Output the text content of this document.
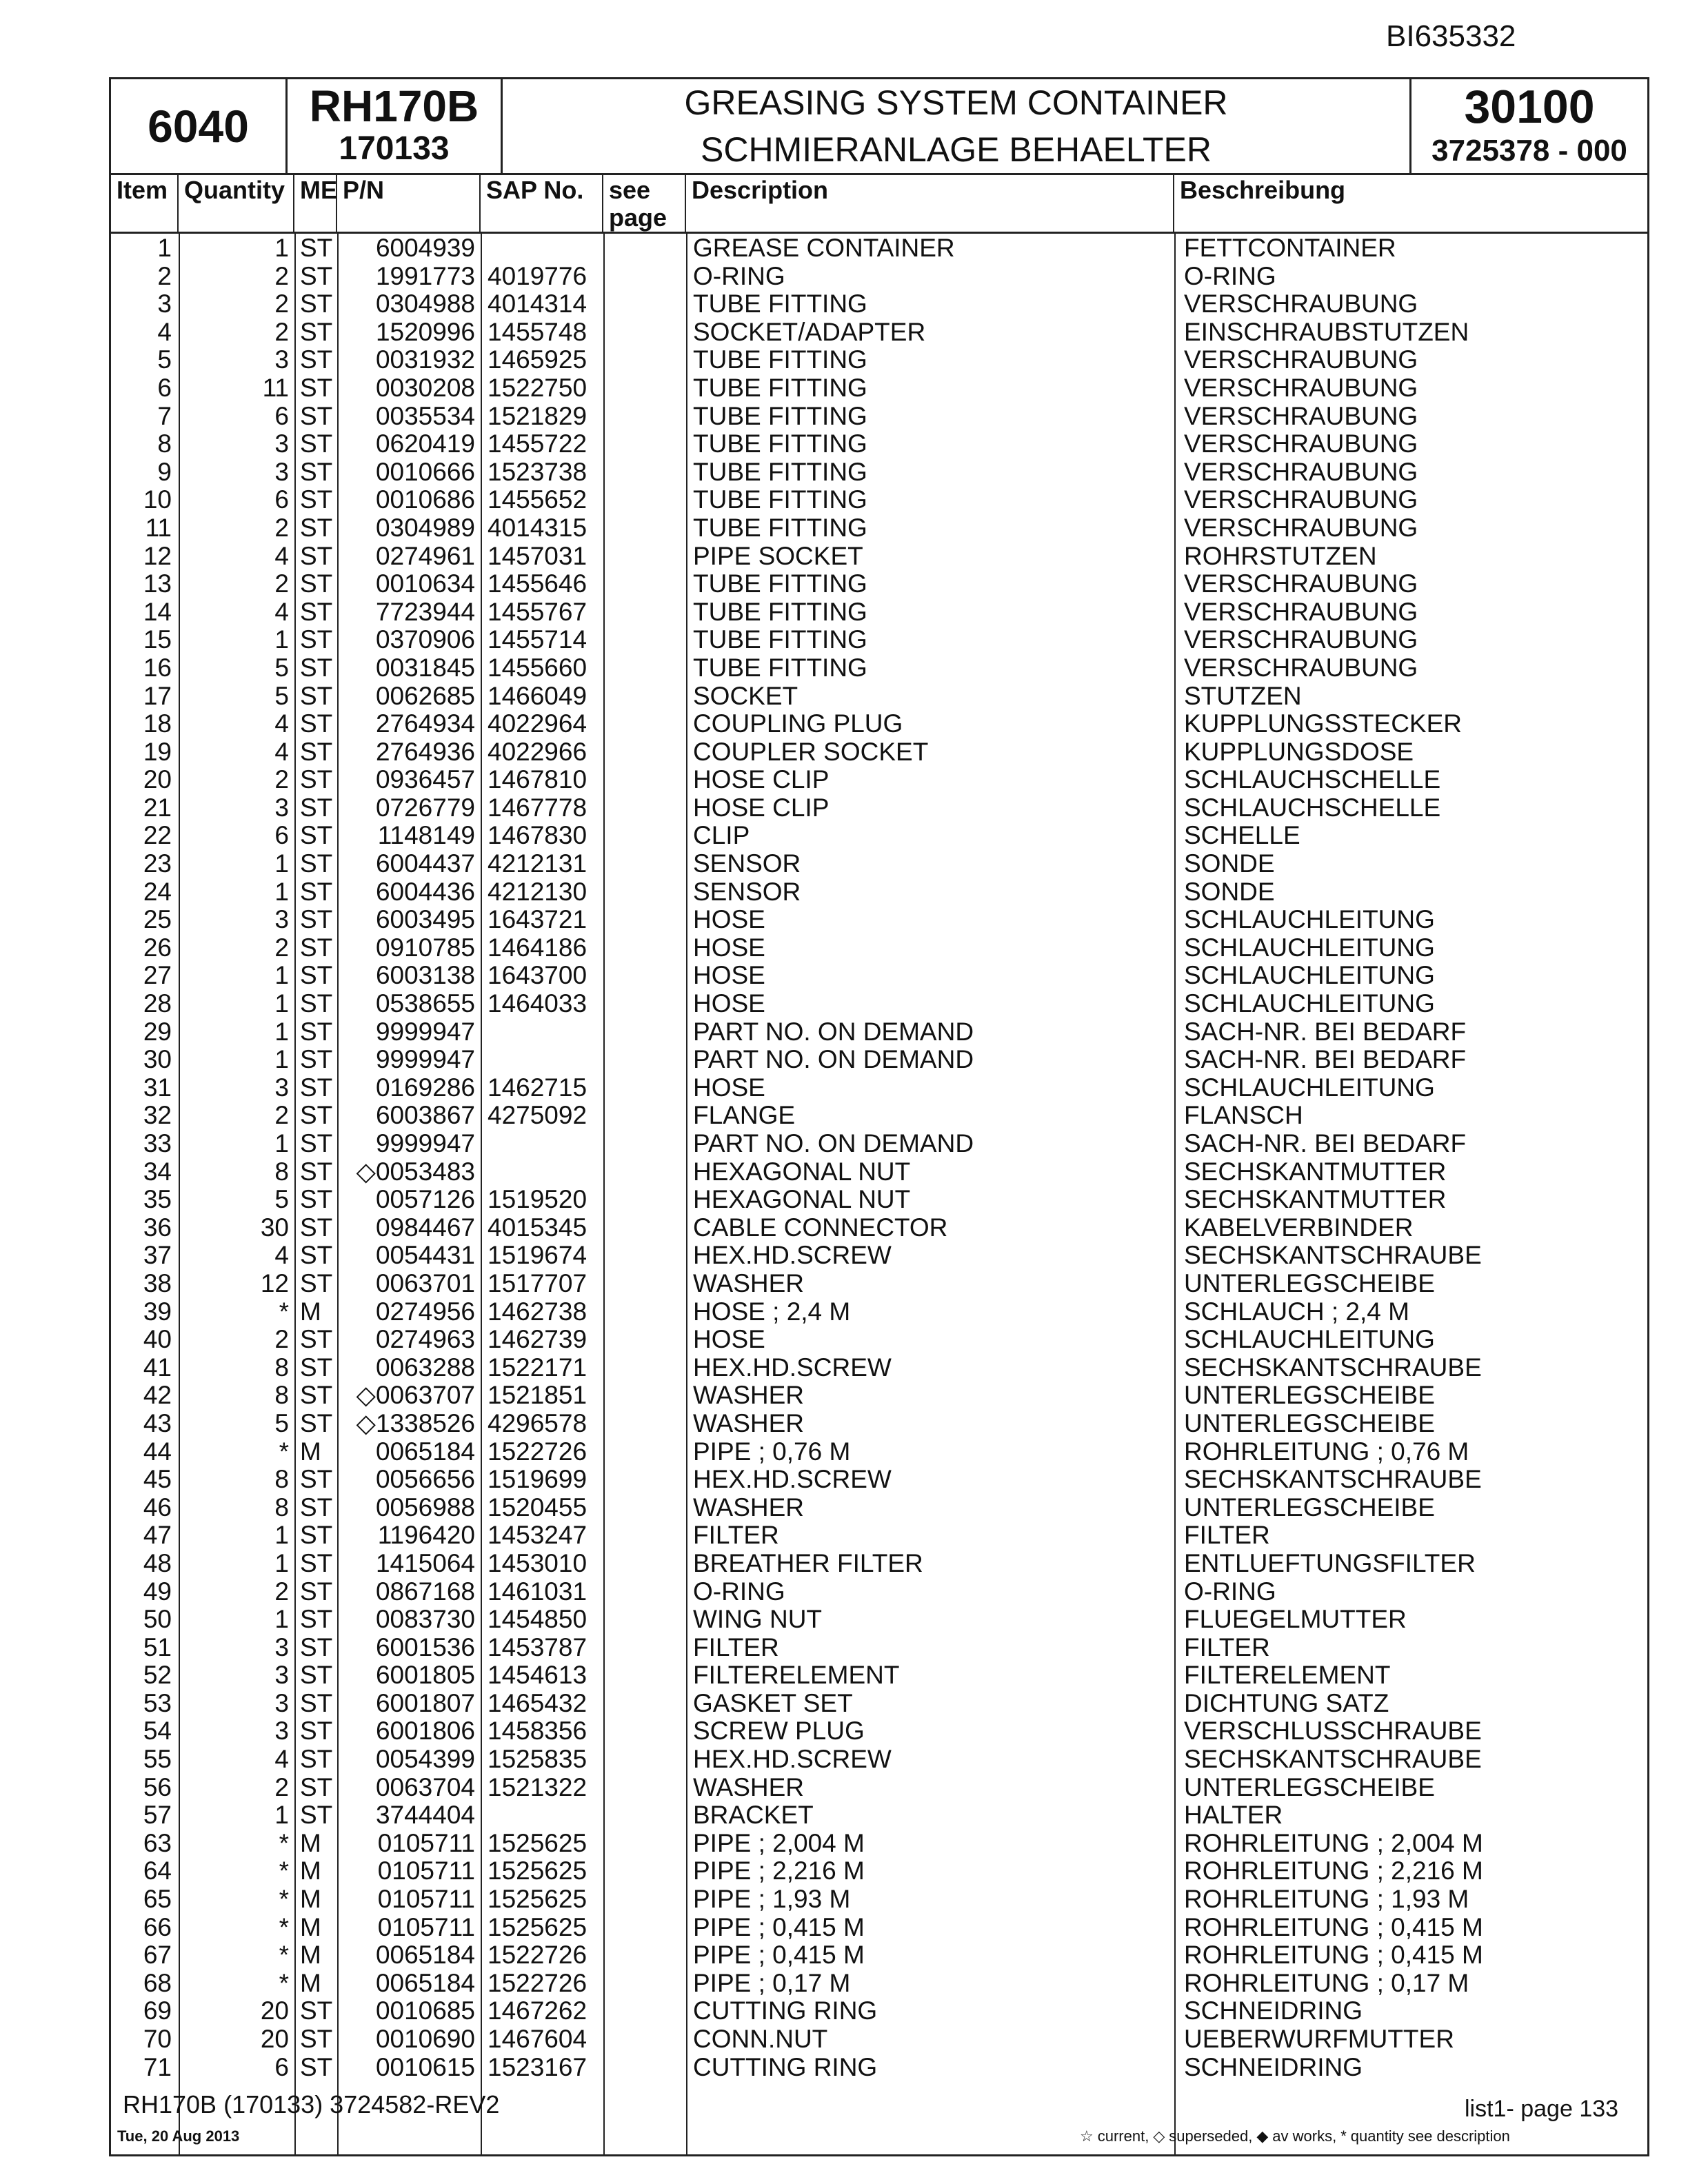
BI635332
6040	RH170B
170133
GREASING SYSTEM CONTAINER
SCHMIERANLAGE BEHAELTER
30100
3725378 - 000
Item Quantity ME P/N	SAP No.	see page
Description	Beschreibung
1	1 ST	6004939	GREASE CONTAINER	FETTCONTAINER
2	2 ST	1991773 4019776	O-RING	O-RING
3	2 ST	0304988 4014314	TUBE FITTING	VERSCHRAUBUNG
4	2 ST	1520996 1455748	SOCKET/ADAPTER	EINSCHRAUBSTUTZEN
5	3 ST	0031932 1465925	TUBE FITTING	VERSCHRAUBUNG
6	11 ST	0030208 1522750	TUBE FITTING	VERSCHRAUBUNG
7	6 ST	0035534 1521829	TUBE FITTING	VERSCHRAUBUNG
8	3 ST	0620419 1455722	TUBE FITTING	VERSCHRAUBUNG
9	3 ST	0010666 1523738	TUBE FITTING	VERSCHRAUBUNG
10	6 ST	0010686 1455652	TUBE FITTING	VERSCHRAUBUNG
11	2 ST	0304989 4014315	TUBE FITTING	VERSCHRAUBUNG
12	4 ST	0274961 1457031	PIPE SOCKET	ROHRSTUTZEN
13	2 ST	0010634 1455646	TUBE FITTING	VERSCHRAUBUNG
14	4 ST	7723944 1455767	TUBE FITTING	VERSCHRAUBUNG
15	1 ST	0370906 1455714	TUBE FITTING	VERSCHRAUBUNG
16	5 ST	0031845 1455660	TUBE FITTING	VERSCHRAUBUNG
17	5 ST	0062685 1466049	SOCKET	STUTZEN
18	4 ST	2764934 4022964	COUPLING PLUG	KUPPLUNGSSTECKER
19	4 ST	2764936 4022966	COUPLER SOCKET	KUPPLUNGSDOSE
20	2 ST	0936457 1467810	HOSE CLIP	SCHLAUCHSCHELLE
21	3 ST	0726779 1467778	HOSE CLIP	SCHLAUCHSCHELLE
22	6 ST	1148149 1467830	CLIP	SCHELLE
23	1 ST	6004437 4212131	SENSOR	SONDE
24	1 ST	6004436 4212130	SENSOR	SONDE
25	3 ST	6003495 1643721	HOSE	SCHLAUCHLEITUNG
26	2 ST	0910785 1464186	HOSE	SCHLAUCHLEITUNG
27	1 ST	6003138 1643700	HOSE	SCHLAUCHLEITUNG
28	1 ST	0538655 1464033	HOSE	SCHLAUCHLEITUNG
29	1 ST	9999947	PART NO. ON DEMAND	SACH-NR. BEI BEDARF
30	1 ST	9999947	PART NO. ON DEMAND	SACH-NR. BEI BEDARF
31	3 ST	0169286 1462715	HOSE	SCHLAUCHLEITUNG
32	2 ST	6003867 4275092	FLANGE	FLANSCH
33	1 ST	9999947	PART NO. ON DEMAND	SACH-NR. BEI BEDARF
34	8 ST ◇0053483	HEXAGONAL NUT	SECHSKANTMUTTER
35	5 ST	0057126 1519520	HEXAGONAL NUT	SECHSKANTMUTTER
36	30 ST	0984467 4015345	CABLE CONNECTOR	KABELVERBINDER
37	4 ST	0054431 1519674	HEX.HD.SCREW	SECHSKANTSCHRAUBE
38	12 ST	0063701 1517707	WASHER	UNTERLEGSCHEIBE
39	* M	0274956 1462738	HOSE ; 2,4 M	SCHLAUCH ; 2,4 M
40	2 ST	0274963 1462739	HOSE	SCHLAUCHLEITUNG
41	8 ST	0063288 1522171	HEX.HD.SCREW	SECHSKANTSCHRAUBE
42	8 ST ◇0063707 1521851	WASHER	UNTERLEGSCHEIBE
43	5 ST ◇1338526 4296578	WASHER	UNTERLEGSCHEIBE
44	* M	0065184 1522726	PIPE ; 0,76 M	ROHRLEITUNG ; 0,76 M
45	8 ST	0056656 1519699	HEX.HD.SCREW	SECHSKANTSCHRAUBE
46	8 ST	0056988 1520455	WASHER	UNTERLEGSCHEIBE
47	1 ST	1196420 1453247	FILTER	FILTER
48	1 ST	1415064 1453010	BREATHER FILTER	ENTLUEFTUNGSFILTER
49	2 ST	0867168 1461031	O-RING	O-RING
50	1 ST	0083730 1454850	WING NUT	FLUEGELMUTTER
51	3 ST	6001536 1453787	FILTER	FILTER
52	3 ST	6001805 1454613	FILTERELEMENT	FILTERELEMENT
53	3 ST	6001807 1465432	GASKET SET	DICHTUNG SATZ
54	3 ST	6001806 1458356	SCREW PLUG	VERSCHLUSSCHRAUBE
55	4 ST	0054399 1525835	HEX.HD.SCREW	SECHSKANTSCHRAUBE
56	2 ST	0063704 1521322	WASHER	UNTERLEGSCHEIBE
57	1 ST	3744404	BRACKET	HALTER
63	* M	0105711 1525625	PIPE ; 2,004 M	ROHRLEITUNG ; 2,004 M
64	* M	0105711 1525625	PIPE ; 2,216 M	ROHRLEITUNG ; 2,216 M
65	* M	0105711 1525625	PIPE ; 1,93 M	ROHRLEITUNG ; 1,93 M
66	* M	0105711 1525625	PIPE ; 0,415 M	ROHRLEITUNG ; 0,415 M
67	* M	0065184 1522726	PIPE ; 0,415 M	ROHRLEITUNG ; 0,415 M
68	* M	0065184 1522726	PIPE ; 0,17 M	ROHRLEITUNG ; 0,17 M
69	20 ST	0010685 1467262	CUTTING RING	SCHNEIDRING
70	20 ST	0010690 1467604	CONN.NUT	UEBERWURFMUTTER
71	6 ST	0010615 1523167	CUTTING RING	SCHNEIDRING
RH170B (170133) 3724582-REV2
Tue, 20 Aug 2013
list1- page 133
☆ current, ◇ superseded, ◆ av works, * quantity see description
